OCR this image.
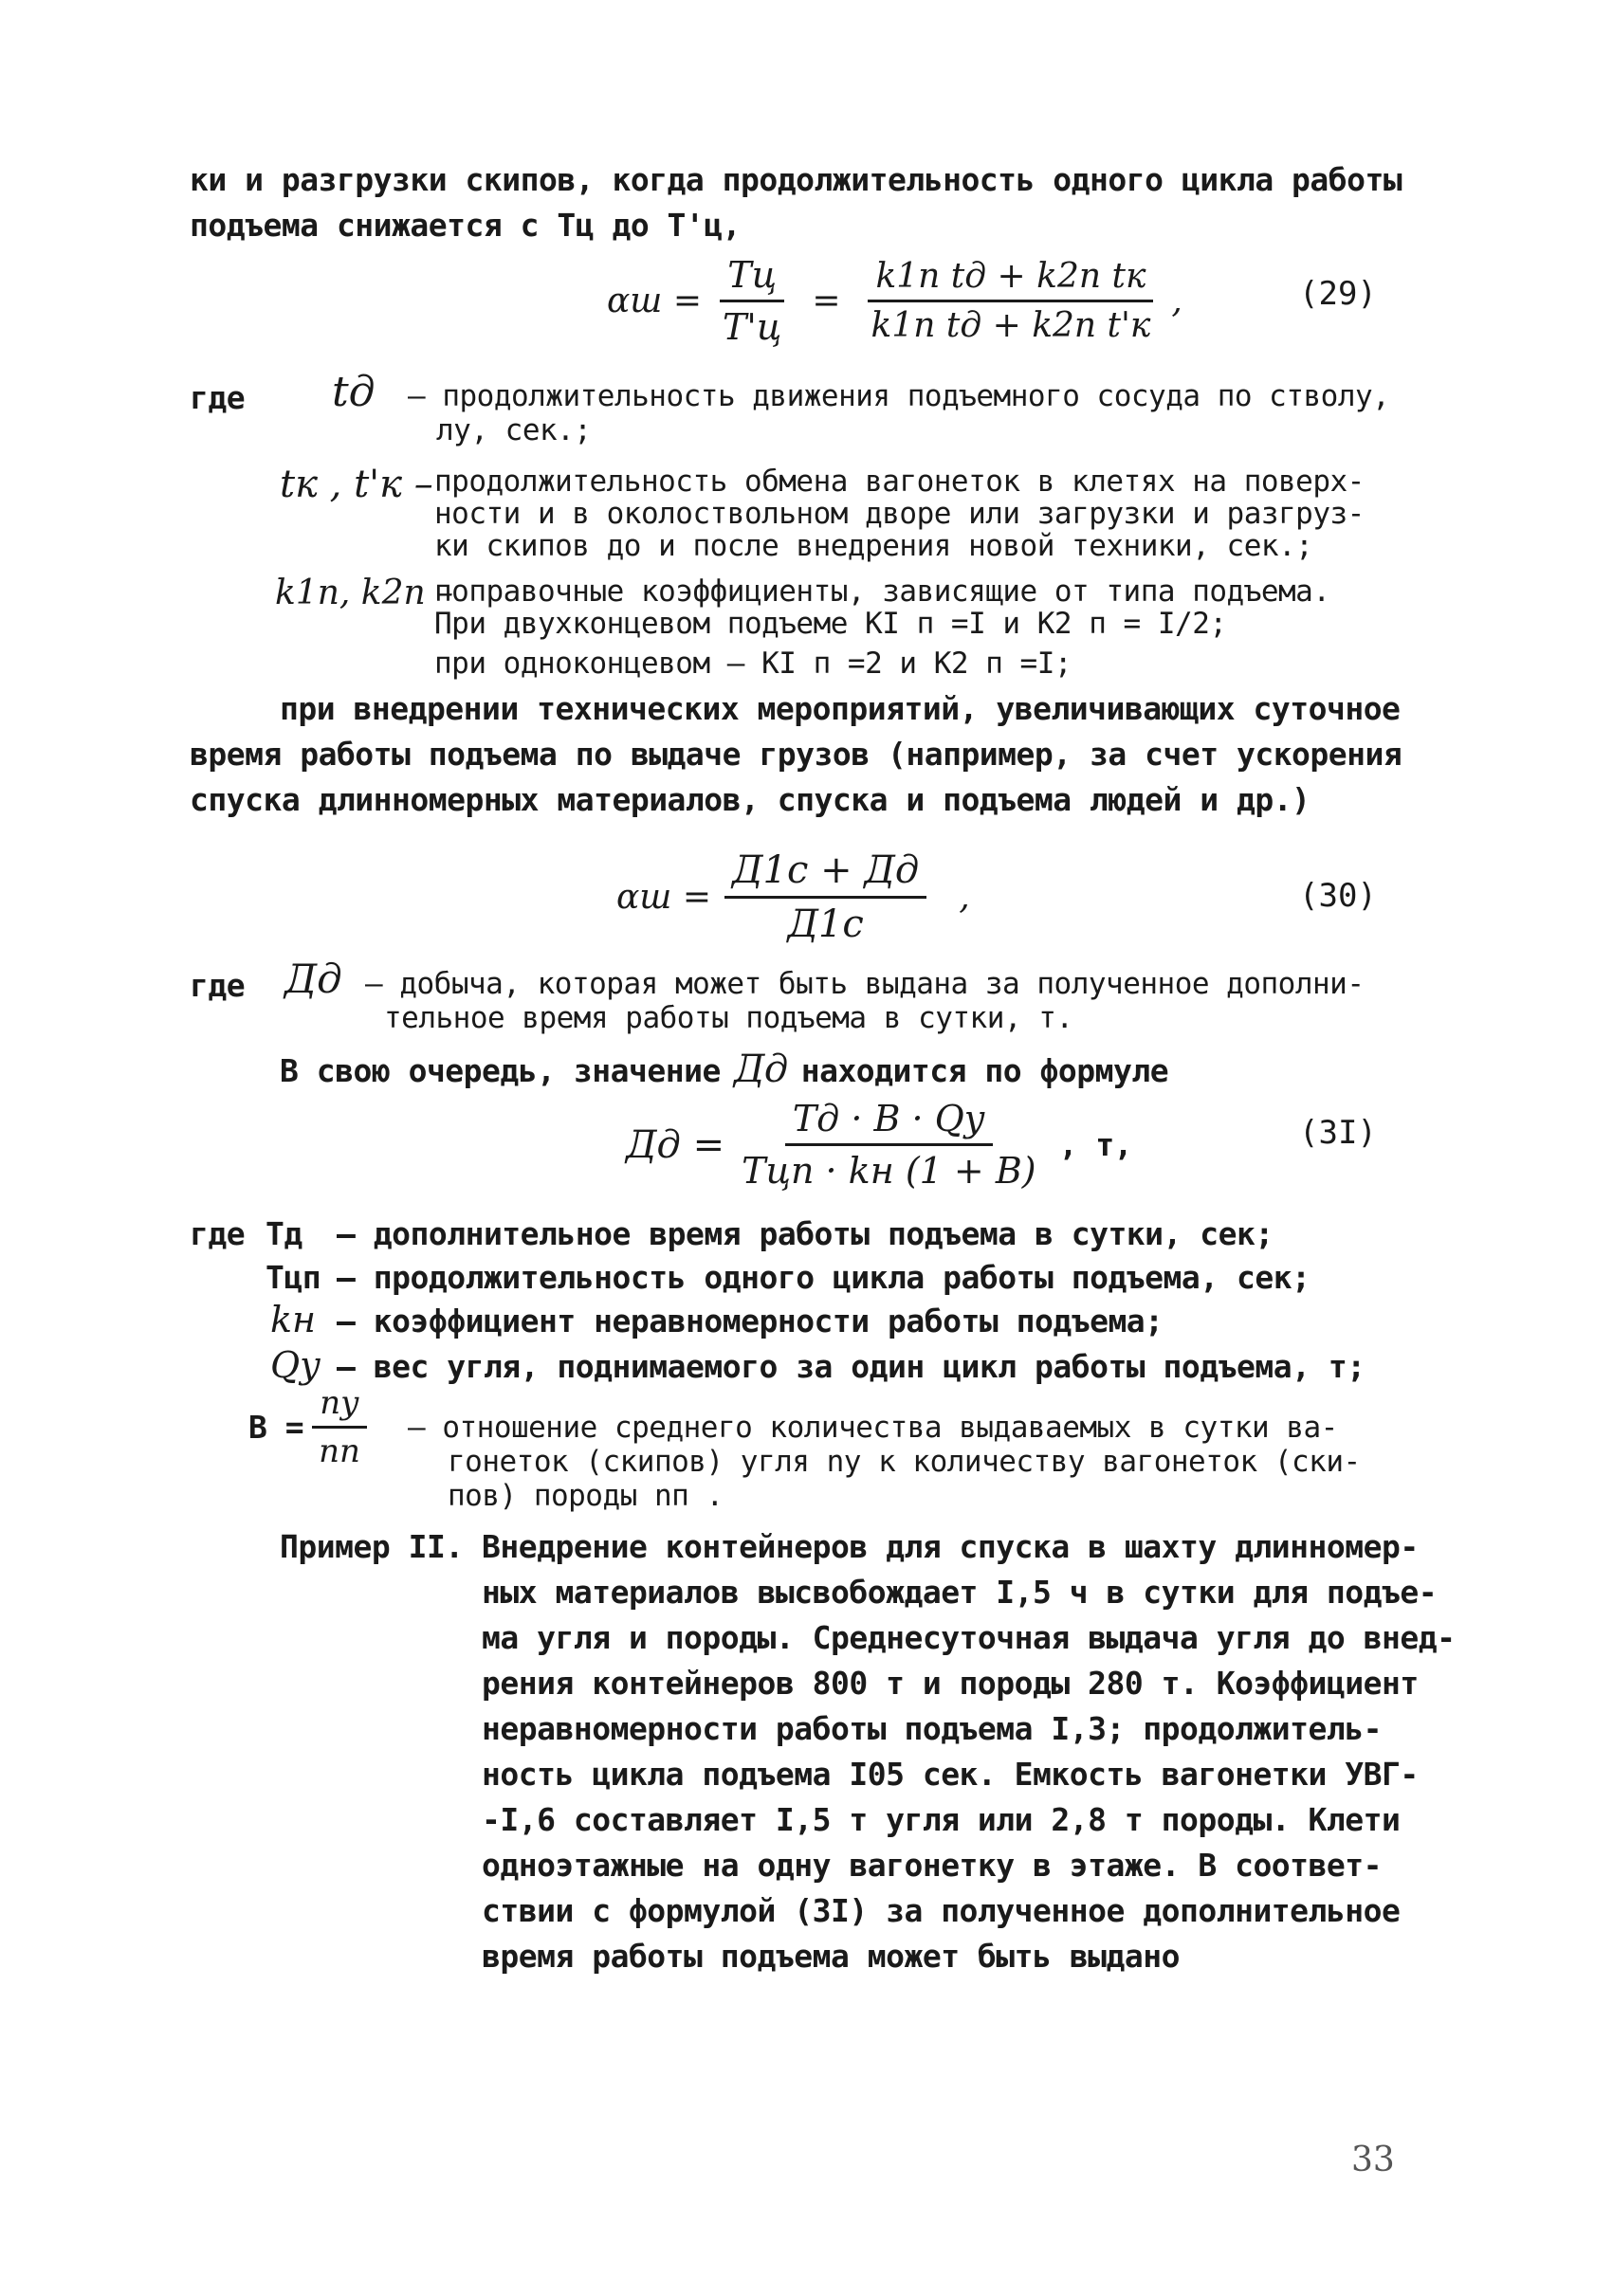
ки и разгрузки скипов, когда продолжительность одного цикла работы
подъема снижается с Тц до Т'ц,
$\alpha ш = \frac{Тц}{Т'ц} = \frac{\text{k1п tд + k2п tк}}{\text{k1п tд + k2п t'к}}$ ,	(29)
где tд – продолжительность движения подъемного сосуда по стволу,
лу, сек.;
tк , t'к – продолжительность обмена вагонеток в клетях на поверх-
ности и в околоствольном дворе или загрузки и разгруз-
ки скипов до и после внедрения новой техники, сек.;
k1п, k2п –
поправочные коэффициенты, зависящие от типа подъема.
При двухконцевом подъеме КI п =I и К2 п = I/2;
при одноконцевом – КI п =2 и К2 п =I;
при внедрении технических мероприятий, увеличивающих суточное
время работы подъема по выдаче грузов (например, за счет ускорения
спуска длинномерных материалов, спуска и подъема людей и др.)
$\alpha ш = \frac{Д1с + Дд}{Д1с}$ ,	(30)
где Дд – добыча, которая может быть выдана за полученное дополни-
тельное время работы подъема в сутки, т.
В свою очередь, значение Дд находится по формуле
Дд = $\frac{Тд \cdot В \cdot Qу}{\text{Тцп · kн (1 + В)}}$ , т,	(3I)
где Тд – дополнительное время работы подъема в сутки, сек;
Тцп – продолжительность одного цикла работы подъема, сек;
kн – коэффициент неравномерности работы подъема;
Qу – вес угля, поднимаемого за один цикл работы подъема, т;
$В = \frac{nу}{nп}$ – отношение среднего количества выдаваемых в сутки ва-
гонеток (скипов) угля nу к количеству вагонеток (ски-
пов) породы nп .
Пример II. Внедрение контейнеров для спуска в шахту длинномер-
ных материалов высвобождает I,5 ч в сутки для подъе-
ма угля и породы. Среднесуточная выдача угля до внед-
рения контейнеров 800 т и породы 280 т. Коэффициент
неравномерности работы подъема I,3; продолжитель-
ность цикла подъема I05 сек. Емкость вагонетки УВГ-
-I,6 составляет I,5 т угля или 2,8 т породы. Клети
одноэтажные на одну вагонетку в этаже. В соответ-
ствии с формулой (3I) за полученное дополнительное
время работы подъема может быть выдано
33
